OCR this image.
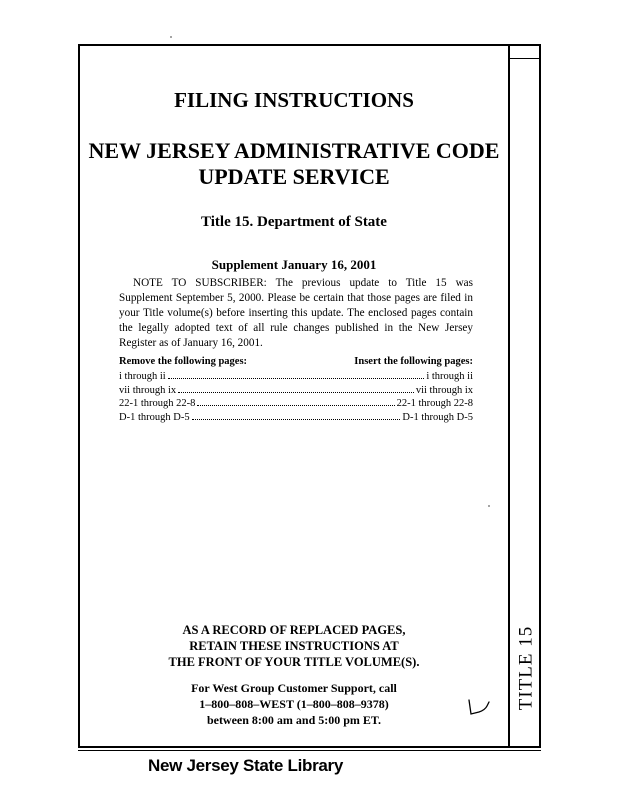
TITLE 15
FILING INSTRUCTIONS
NEW JERSEY ADMINISTRATIVE CODE
UPDATE SERVICE
Title 15. Department of State
Supplement January 16, 2001
NOTE TO SUBSCRIBER: The previous update to Title 15 was Supplement September 5, 2000. Please be certain that those pages are filed in your Title volume(s) before inserting this update. The enclosed pages contain the legally adopted text of all rule changes published in the New Jersey Register as of January 16, 2001.
Remove the following pages:	Insert the following pages:
i through ii	i through ii
vii through ix	vii through ix
22-1 through 22-8	22-1 through 22-8
D-1 through D-5	D-1 through D-5
AS A RECORD OF REPLACED PAGES,
RETAIN THESE INSTRUCTIONS AT
THE FRONT OF YOUR TITLE VOLUME(S).
For West Group Customer Support, call
1–800–808–WEST (1–800–808–9378)
between 8:00 am and 5:00 pm ET.
New Jersey State Library
